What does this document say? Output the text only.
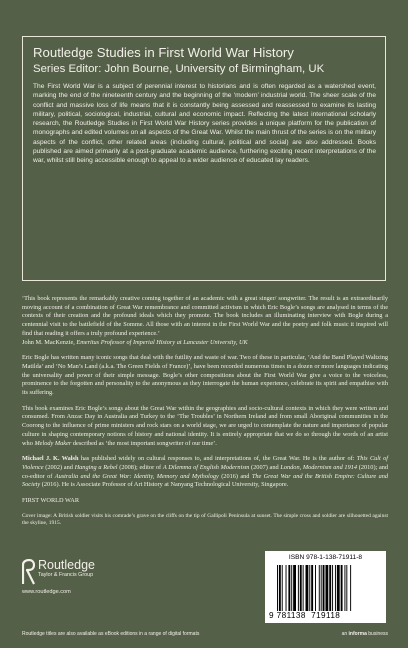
Routledge Studies in First World War History

Series Editor: John Bourne, University of Birmingham, UK

The First World War is a subject of perennial interest to historians and is often regarded as a watershed event, marking the end of the nineteenth century and the beginning of the ‘modern’ industrial world. The sheer scale of the conflict and massive loss of life means that it is constantly being assessed and reassessed to examine its lasting military, political, sociological, industrial, cultural and economic impact. Reflecting the latest international scholarly research, the Routledge Studies in First World War History series provides a unique platform for the publication of monographs and edited volumes on all aspects of the Great War. Whilst the main thrust of the series is on the military aspects of the conflict, other related areas (including cultural, political and social) are also addressed. Books published are aimed primarily at a post-graduate academic audience, furthering exciting recent interpretations of the war, whilst still being accessible enough to appeal to a wider audience of educated lay readers.

‘This book represents the remarkably creative coming together of an academic with a great singer/ songwriter. The result is an extraordinarily moving account of a combination of Great War remembrance and committed activism in which Eric Bogle’s songs are analysed in terms of the contexts of their creation and the profound ideals which they promote. The book includes an illuminating interview with Bogle during a centennial visit to the battlefield of the Somme. All those with an interest in the First World War and the poetry and folk music it inspired will find that reading it offers a truly profound experience.’
John M. MacKenzie, Emeritus Professor of Imperial History at Lancaster University, UK

Eric Bogle has written many iconic songs that deal with the futility and waste of war. Two of these in particular, ‘And the Band Played Waltzing Matilda’ and ‘No Man’s Land (a.k.a. The Green Fields of France)’, have been recorded numerous times in a dozen or more languages indicating the universality and power of their simple message. Bogle’s other compositions about the First World War give a voice to the voiceless, prominence to the forgotten and personality to the anonymous as they interrogate the human experience, celebrate its spirit and empathise with its suffering.

This book examines Eric Bogle’s songs about the Great War within the geographies and socio-cultural contexts in which they were written and consumed. From Anzac Day in Australia and Turkey to the ‘The Troubles’ in Northern Ireland and from small Aboriginal communities in the Coorong to the influence of prime ministers and rock stars on a world stage, we are urged to contemplate the nature and importance of popular culture in shaping contemporary notions of history and national identity. It is entirely appropriate that we do so through the words of an artist who Melody Maker described as ‘the most important songwriter of our time’.

Michael J. K. Walsh has published widely on cultural responses to, and interpretations of, the Great War. He is the author of: This Cult of Violence (2002) and Hanging a Rebel (2008); editor of A Dilemma of English Modernism (2007) and London, Modernism and 1914 (2010); and co-editor of Australia and the Great War: Identity, Memory and Mythology (2016) and The Great War and the British Empire: Culture and Society (2016). He is Associate Professor of Art History at Nanyang Technological University, Singapore.

FIRST WORLD WAR

Cover image: A British soldier visits his comrade’s grave on the cliffs on the tip of Gallipoli Peninsula at sunset. The simple cross and soldier are silhouetted against the skyline, 1915.

Routledge
Taylor & Francis Group
www.routledge.com
ISBN 978-1-138-71911-8
9 781138 719118
Routledge titles are also available as eBook editions in a range of digital formats	an informa business
